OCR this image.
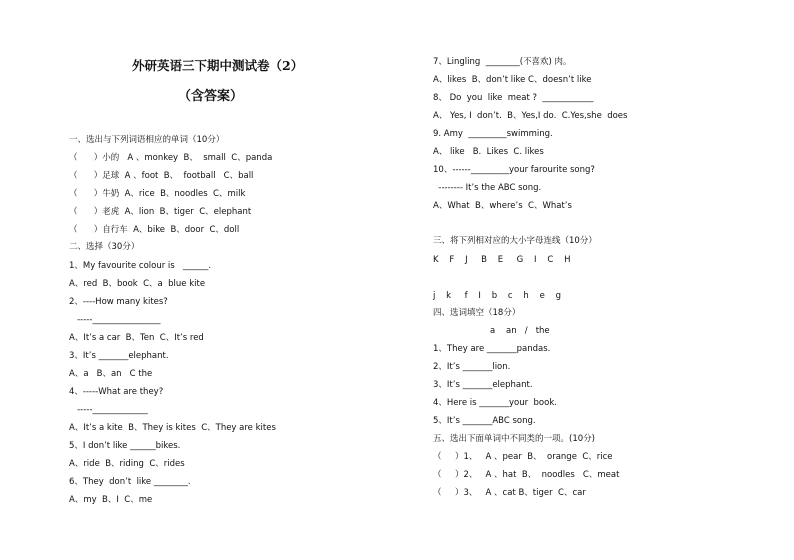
外研英语三下期中测试卷（2）
（含答案）
一、选出与下列词语相应的单词（10分）
（      ）小的   A 、monkey  B、  small  C、panda
（      ）足球  A 、foot  B、  football   C、ball
（      ）牛奶  A、rice  B、noodles  C、milk
（      ）老虎  A、lion  B、tiger  C、elephant
（      ）自行车  A、bike  B、door  C、doll
二、选择（30分）
1、My favourite colour is   ______.
A、red  B、book  C、a  blue kite
2、----How many kites?
-----________________
A、It’s a car  B、Ten  C、It’s red
3、It’s _______elephant.
A、a   B、an   C the
4、-----What are they?
-----_____________
A、It’s a kite  B、They is kites  C、They are kites
5、I don’t like ______bikes.
A、ride  B、riding  C、rides
6、They  don’t  like ________.
A、my  B、I  C、me
7、Lingling  ________(不喜欢) 肉。
A、likes  B、don’t like C、doesn’t like
8、 Do  you  like  meat ?  ____________
A、 Yes, I  don’t.  B、Yes,I do.  C.Yes,she  does
9. Amy  _________swimming.
A、 like   B.  Likes  C. likes
10、------_________your farourite song?
-------- It’s the ABC song.
A、What  B、where’s  C、What’s
三、将下列相对应的大小字母连线（10分）
K    F    J     B    E     G    I    C    H
j    k     f    I    b    c    h    e    g
四、选词填空（18分）
a    an   /   the
1、They are _______pandas.
2、It’s _______lion.
3、It’s _______elephant.
4、Here is _______your  book.
5、It’s _______ABC song.
五、选出下面单词中不同类的一项。(10分)
（     ）1、   A 、pear  B、  orange  C、rice
（     ）2、   A 、hat  B、  noodles   C、meat
（     ）3、   A 、cat B、tiger  C、car
